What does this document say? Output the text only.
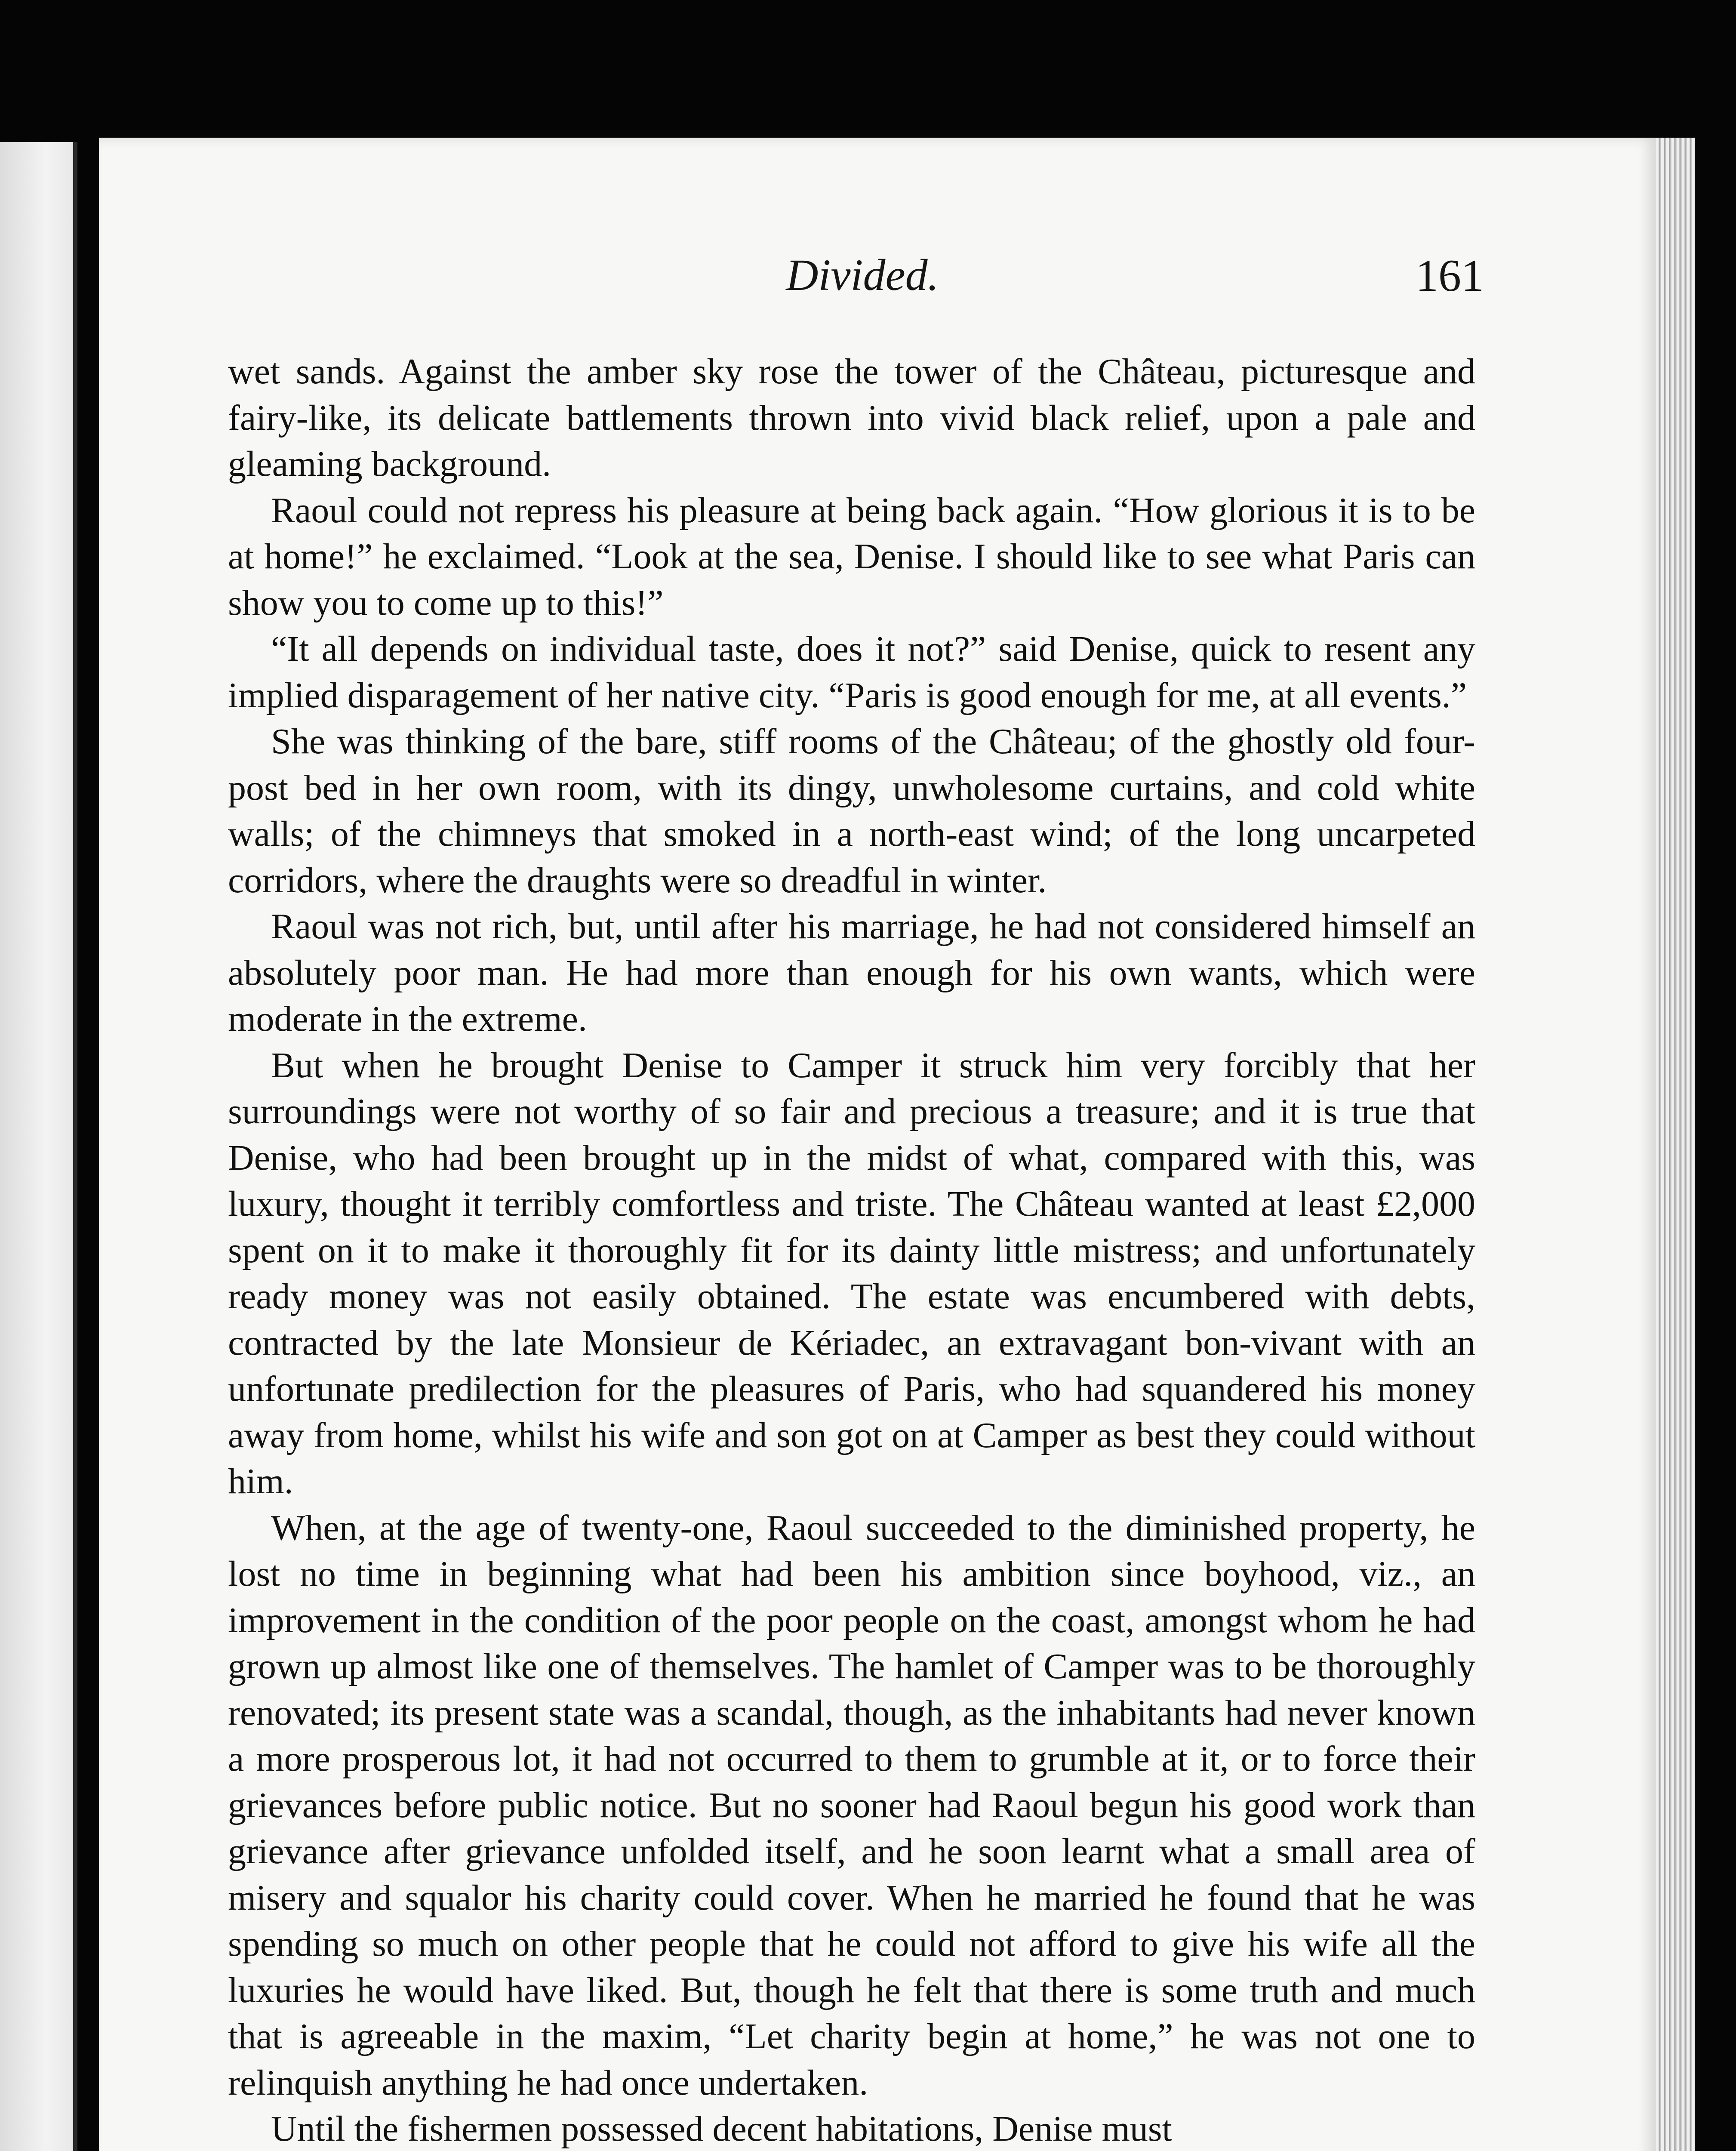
Divided.	161

wet sands. Against the amber sky rose the tower of the Château, picturesque and fairy-like, its delicate battlements thrown into vivid black relief, upon a pale and gleaming background.

Raoul could not repress his pleasure at being back again. “How glorious it is to be at home!” he exclaimed. “Look at the sea, Denise. I should like to see what Paris can show you to come up to this!”

“It all depends on individual taste, does it not?” said Denise, quick to resent any implied disparagement of her native city. “Paris is good enough for me, at all events.”

She was thinking of the bare, stiff rooms of the Château; of the ghostly old four-post bed in her own room, with its dingy, unwholesome curtains, and cold white walls; of the chimneys that smoked in a north-east wind; of the long uncarpeted corridors, where the draughts were so dreadful in winter.

Raoul was not rich, but, until after his marriage, he had not considered himself an absolutely poor man. He had more than enough for his own wants, which were moderate in the extreme.

But when he brought Denise to Camper it struck him very forcibly that her surroundings were not worthy of so fair and precious a treasure; and it is true that Denise, who had been brought up in the midst of what, compared with this, was luxury, thought it terribly comfortless and triste. The Château wanted at least £2,000 spent on it to make it thoroughly fit for its dainty little mistress; and unfortunately ready money was not easily obtained. The estate was encumbered with debts, contracted by the late Monsieur de Kériadec, an extravagant bon-vivant with an unfortunate predilection for the pleasures of Paris, who had squandered his money away from home, whilst his wife and son got on at Camper as best they could without him.

When, at the age of twenty-one, Raoul succeeded to the diminished property, he lost no time in beginning what had been his ambition since boyhood, viz., an improvement in the condition of the poor people on the coast, amongst whom he had grown up almost like one of themselves. The hamlet of Camper was to be thoroughly renovated; its present state was a scandal, though, as the inhabitants had never known a more prosperous lot, it had not occurred to them to grumble at it, or to force their grievances before public notice. But no sooner had Raoul begun his good work than grievance after grievance unfolded itself, and he soon learnt what a small area of misery and squalor his charity could cover. When he married he found that he was spending so much on other people that he could not afford to give his wife all the luxuries he would have liked. But, though he felt that there is some truth and much that is agreeable in the maxim, “Let charity begin at home,” he was not one to relinquish anything he had once undertaken.

Until the fishermen possessed decent habitations, Denise must
